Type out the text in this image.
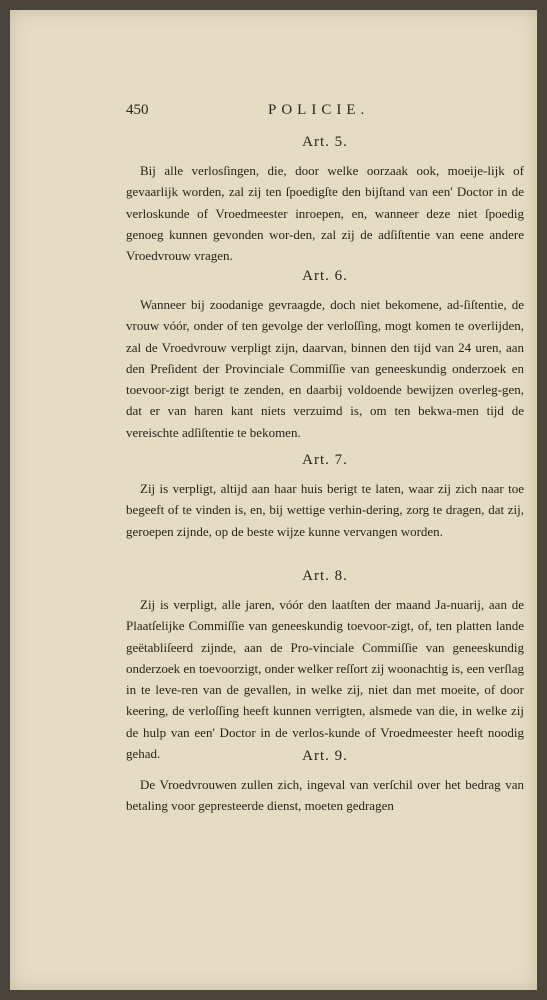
450	POLICIE.
Art. 5.

Bij alle verlosſingen, die, door welke oorzaak ook, moeije-lijk of gevaarlijk worden, zal zij ten ſpoedigſte den bijſtand van een' Doctor in de verloskunde of Vroedmeester inroepen, en, wanneer deze niet ſpoedig genoeg kunnen gevonden wor-den, zal zij de adſiſtentie van eene andere Vroedvrouw vragen.

Art. 6.

Wanneer bij zoodanige gevraagde, doch niet bekomene, ad-ſiſtentie, de vrouw vóór, onder of ten gevolge der verloſſing, mogt komen te overlijden, zal de Vroedvrouw verpligt zijn, daarvan, binnen den tijd van 24 uren, aan den Preſident der Provinciale Commiſſie van geneeskundig onderzoek en toevoor-zigt berigt te zenden, en daarbij voldoende bewijzen overleg-gen, dat er van haren kant niets verzuimd is, om ten bekwa-men tijd de vereischte adſiſtentie te bekomen.

Art. 7.

Zij is verpligt, altijd aan haar huis berigt te laten, waar zij zich naar toe begeeft of te vinden is, en, bij wettige verhin-dering, zorg te dragen, dat zij, geroepen zijnde, op de beste wijze kunne vervangen worden.

Art. 8.

Zij is verpligt, alle jaren, vóór den laatſten der maand Ja-nuarij, aan de Plaatſelijke Commiſſie van geneeskundig toevoor-zigt, of, ten platten lande geëtabliſeerd zijnde, aan de Pro-vinciale Commiſſie van geneeskundig onderzoek en toevoorzigt, onder welker reſſort zij woonachtig is, een verſlag in te leve-ren van de gevallen, in welke zij, niet dan met moeite, of door keering, de verloſſing heeft kunnen verrigten, alsmede van die, in welke zij de hulp van een' Doctor in de verlos-kunde of Vroedmeester heeft noodig gehad.	Art. 9.

De Vroedvrouwen zullen zich, ingeval van verſchil over het bedrag van betaling voor gepresteerde dienst, moeten gedragen
